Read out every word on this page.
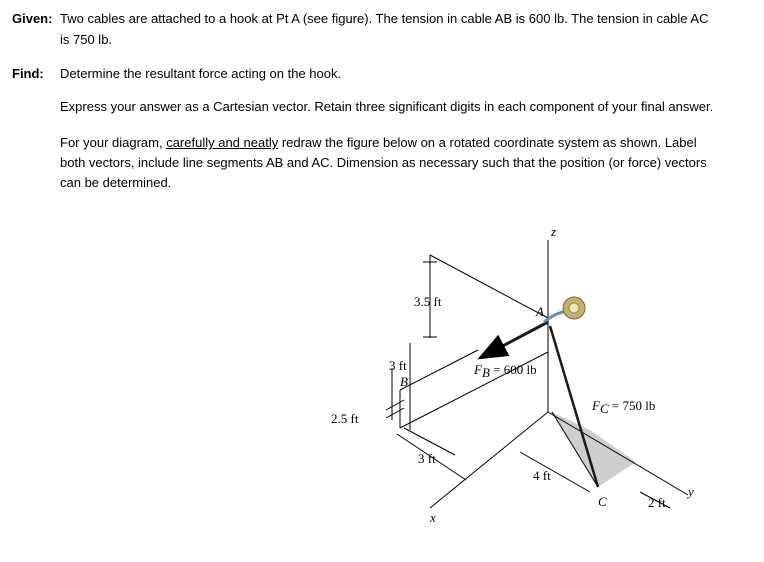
Given: Two cables are attached to a hook at Pt A (see figure). The tension in cable AB is 600 lb. The tension in cable AC
is 750 lb.
Find: Determine the resultant force acting on the hook.
Express your answer as a Cartesian vector. Retain three significant digits in each component of your final answer.
For your diagram, carefully and neatly redraw the figure below on a rotated coordinate system as shown. Label
both vectors, include line segments AB and AC. Dimension as necessary such that the position (or force) vectors
can be determined.
z
3.5 ft
A
3 ft
B
2.5 ft
3 ft
x
4 ft
C	2 ft
y
FB = 600 lb
FC = 750 lb
